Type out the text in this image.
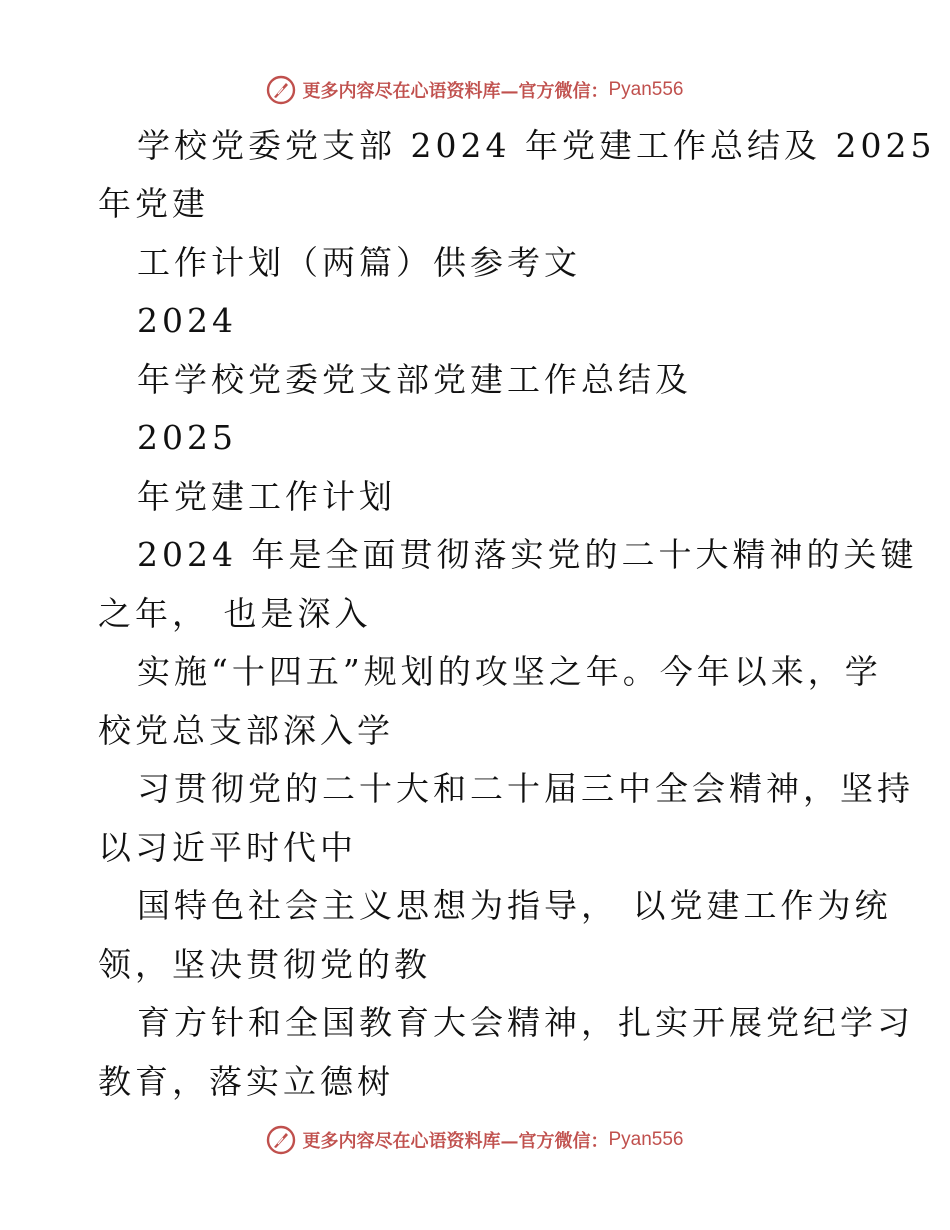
更多内容尽在心语资料库—官方微信： Pyan556
学校党委党支部 2024 年党建工作总结及 2025
年党建
工作计划（两篇）供参考文
2024
年学校党委党支部党建工作总结及
2025
年党建工作计划
2024 年是全面贯彻落实党的二十大精神的关键
之年， 也是深入
实施“十四五”规划的攻坚之年。今年以来，学
校党总支部深入学
习贯彻党的二十大和二十届三中全会精神，坚持
以习近平时代中
国特色社会主义思想为指导， 以党建工作为统
领，坚决贯彻党的教
育方针和全国教育大会精神，扎实开展党纪学习
教育，落实立德树
更多内容尽在心语资料库—官方微信： Pyan556
